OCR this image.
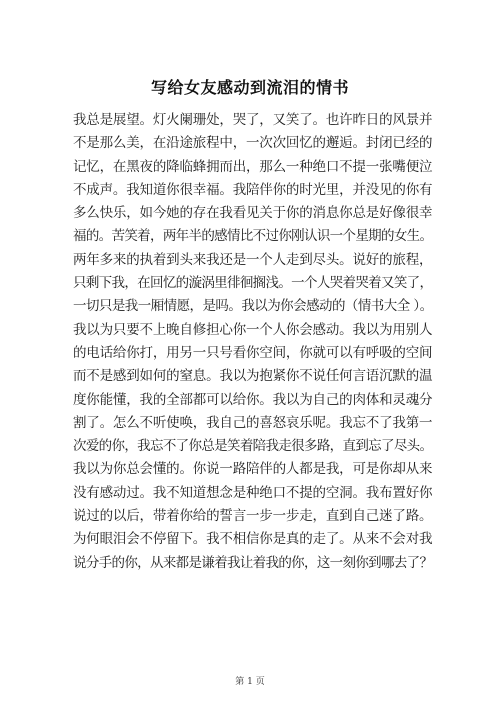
写给女友感动到流泪的情书
我总是展望。灯火阑珊处，哭了，又笑了。也许昨日的风景并
不是那么美，在沿途旅程中，一次次回忆的邂逅。封闭已经的
记忆，在黑夜的降临蜂拥而出，那么一种绝口不提一张嘴便泣
不成声。我知道你很幸福。我陪伴你的时光里，并没见的你有
多么快乐，如今她的存在我看见关于你的消息你总是好像很幸
福的。苦笑着，两年半的感情比不过你刚认识一个星期的女生。
两年多来的执着到头来我还是一个人走到尽头。说好的旅程，
只剩下我，在回忆的漩涡里徘徊搁浅。一个人哭着哭着又笑了，
一切只是我一厢情愿，是吗。我以为你会感动的（情书大全 ）。
我以为只要不上晚自修担心你一个人你会感动。我以为用别人
的电话给你打，用另一只号看你空间，你就可以有呼吸的空间
而不是感到如何的窒息。我以为抱紧你不说任何言语沉默的温
度你能懂，我的全部都可以给你。我以为自己的肉体和灵魂分
割了。怎么不听使唤，我自己的喜怒哀乐呢。我忘不了我第一
次爱的你，我忘不了你总是笑着陪我走很多路，直到忘了尽头。
我以为你总会懂的。你说一路陪伴的人都是我，可是你却从来
没有感动过。我不知道想念是种绝口不提的空洞。我布置好你
说过的以后，带着你给的誓言一步一步走，直到自己迷了路。
为何眼泪会不停留下。我不相信你是真的走了。从来不会对我
说分手的你，从来都是谦着我让着我的你，这一刻你到哪去了？
第 1 页
